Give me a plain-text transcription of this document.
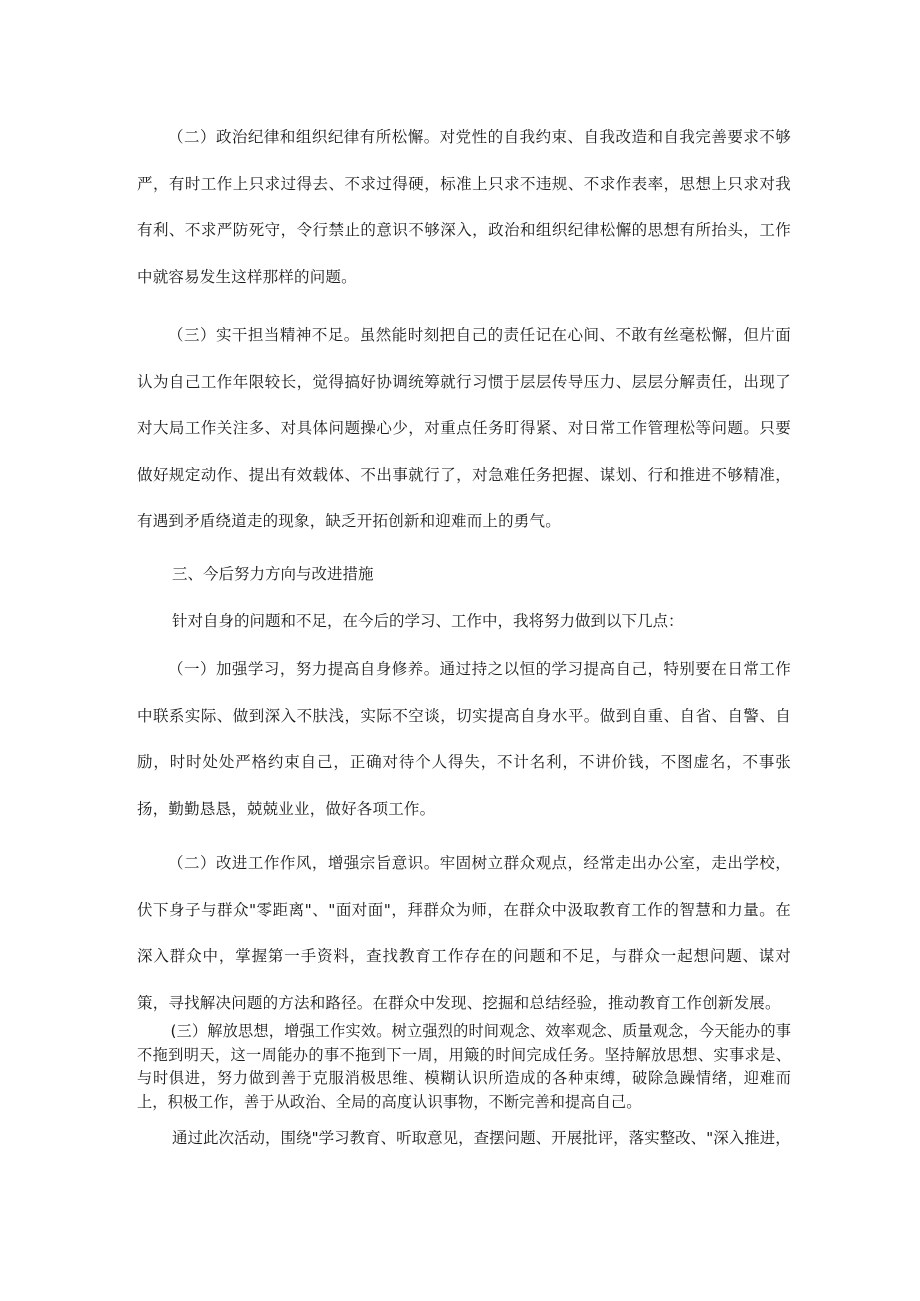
（二）政治纪律和组织纪律有所松懈。对党性的自我约束、自我改造和自我完善要求不够严，有时工作上只求过得去、不求过得硬，标准上只求不违规、不求作表率，思想上只求对我有利、不求严防死守，令行禁止的意识不够深入，政治和组织纪律松懈的思想有所抬头，工作中就容易发生这样那样的问题。

（三）实干担当精神不足。虽然能时刻把自己的责任记在心间、不敢有丝毫松懈，但片面认为自己工作年限较长，觉得搞好协调统筹就行习惯于层层传导压力、层层分解责任，出现了对大局工作关注多、对具体问题操心少，对重点任务盯得紧、对日常工作管理松等问题。只要做好规定动作、提出有效载体、不出事就行了，对急难任务把握、谋划、行和推进不够精准，有遇到矛盾绕道走的现象，缺乏开拓创新和迎难而上的勇气。

三、今后努力方向与改进措施

针对自身的问题和不足，在今后的学习、工作中，我将努力做到以下几点：

（一）加强学习，努力提高自身修养。通过持之以恒的学习提高自己，特别要在日常工作中联系实际、做到深入不肤浅，实际不空谈，切实提高自身水平。做到自重、自省、自警、自励，时时处处严格约束自己，正确对待个人得失，不计名利，不讲价钱，不图虚名，不事张扬，勤勤恳恳，兢兢业业，做好各项工作。

（二）改进工作作风，增强宗旨意识。牢固树立群众观点，经常走出办公室，走出学校，伏下身子与群众"零距离"、"面对面"，拜群众为师，在群众中汲取教育工作的智慧和力量。在深入群众中，掌握第一手资料，查找教育工作存在的问题和不足，与群众一起想问题、谋对策，寻找解决问题的方法和路径。在群众中发现、挖掘和总结经验，推动教育工作创新发展。

(三）解放思想，增强工作实效。树立强烈的时间观念、效率观念、质量观念，今天能办的事不拖到明天，这一周能办的事不拖到下一周，用簸的时间完成任务。坚持解放思想、实事求是、与时俱进，努力做到善于克服消极思维、模糊认识所造成的各种束缚，破除急躁情绪，迎难而上，积极工作，善于从政治、全局的高度认识事物，不断完善和提高自己。

通过此次活动，围绕"学习教育、听取意见，查摆问题、开展批评，落实整改、"深入推进，
